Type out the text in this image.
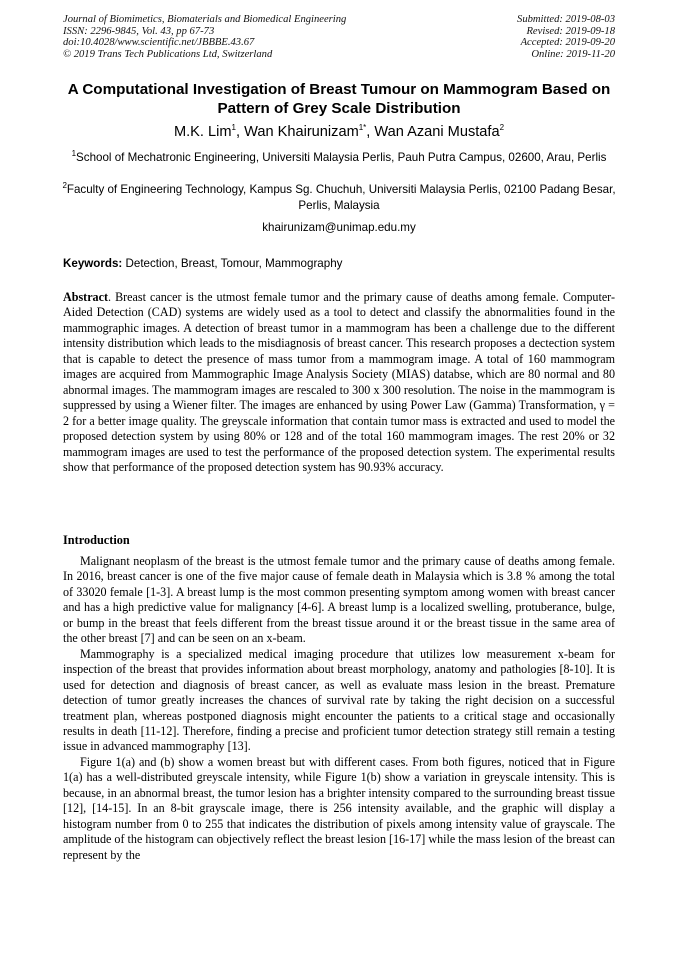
Journal of Biomimetics, Biomaterials and Biomedical Engineering
ISSN: 2296-9845, Vol. 43, pp 67-73
doi:10.4028/www.scientific.net/JBBBE.43.67
© 2019 Trans Tech Publications Ltd, Switzerland
Submitted: 2019-08-03
Revised: 2019-09-18
Accepted: 2019-09-20
Online: 2019-11-20
A Computational Investigation of Breast Tumour on Mammogram Based on Pattern of Grey Scale Distribution
M.K. Lim$^1$, Wan Khairunizam$^{1*}$, Wan Azani Mustafa$^2$
$^1$School of Mechatronic Engineering, Universiti Malaysia Perlis, Pauh Putra Campus, 02600, Arau, Perlis
$^2$Faculty of Engineering Technology, Kampus Sg. Chuchuh, Universiti Malaysia Perlis, 02100 Padang Besar, Perlis, Malaysia
khairunizam@unimap.edu.my
Keywords: Detection, Breast, Tomour, Mammography

Abstract. Breast cancer is the utmost female tumor and the primary cause of deaths among female. Computer-Aided Detection (CAD) systems are widely used as a tool to detect and classify the abnormalities found in the mammographic images. A detection of breast tumor in a mammogram has been a challenge due to the different intensity distribution which leads to the misdiagnosis of breast cancer. This research proposes a dectection system that is capable to detect the presence of mass tumor from a mammogram image. A total of 160 mammogram images are acquired from Mammographic Image Analysis Society (MIAS) databse, which are 80 normal and 80 abnormal images. The mammogram images are rescaled to 300 x 300 resolution. The noise in the mammogram is suppressed by using a Wiener filter. The images are enhanced by using Power Law (Gamma) Transformation, γ = 2 for a better image quality. The greyscale information that contain tumor mass is extracted and used to model the proposed detection system by using 80% or 128 and of the total 160 mammogram images. The rest 20% or 32 mammogram images are used to test the performance of the proposed detection system. The experimental results show that performance of the proposed detection system has 90.93% accuracy.

Introduction

Malignant neoplasm of the breast is the utmost female tumor and the primary cause of deaths among female. In 2016, breast cancer is one of the five major cause of female death in Malaysia which is 3.8 % among the total of 33020 female [1-3]. A breast lump is the most common presenting symptom among women with breast cancer and has a high predictive value for malignancy [4-6]. A breast lump is a localized swelling, protuberance, bulge, or bump in the breast that feels different from the breast tissue around it or the breast tissue in the same area of the other breast [7] and can be seen on an x-beam.

Mammography is a specialized medical imaging procedure that utilizes low measurement x-beam for inspection of the breast that provides information about breast morphology, anatomy and pathologies [8-10]. It is used for detection and diagnosis of breast cancer, as well as evaluate mass lesion in the breast. Premature detection of tumor greatly increases the chances of survival rate by taking the right decision on a successful treatment plan, whereas postponed diagnosis might encounter the patients to a critical stage and occasionally results in death [11-12]. Therefore, finding a precise and proficient tumor detection strategy still remain a testing issue in advanced mammography [13].

Figure 1(a) and (b) show a women breast but with different cases. From both figures, noticed that in Figure 1(a) has a well-distributed greyscale intensity, while Figure 1(b) show a variation in greyscale intensity. This is because, in an abnormal breast, the tumor lesion has a brighter intensity compared to the surrounding breast tissue [12], [14-15]. In an 8-bit grayscale image, there is 256 intensity available, and the graphic will display a histogram number from 0 to 255 that indicates the distribution of pixels among intensity value of grayscale. The amplitude of the histogram can objectively reflect the breast lesion [16-17] while the mass lesion of the breast can represent by the
